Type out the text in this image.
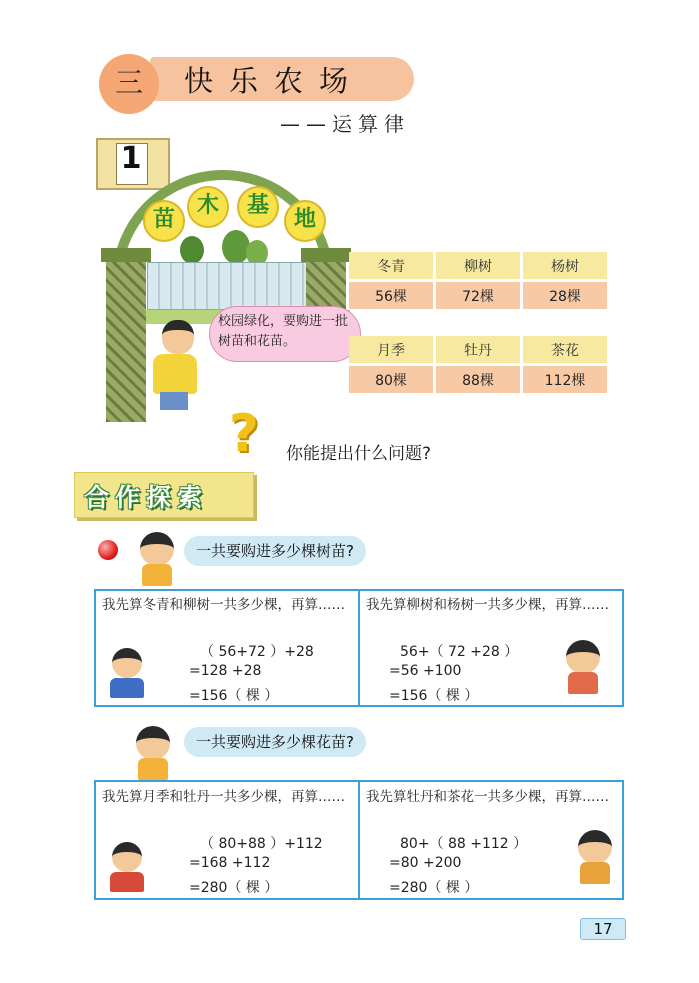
三	快乐农场
——运算律
1
苗
木	基
地
校园绿化，要购进一批树苗和花苗。
冬青	柳树	杨树

56棵	72棵	28棵
月季	牡丹	茶花

80棵	88棵	112棵
?	你能提出什么问题?
合作探索
一共要购进多少棵树苗?
我先算冬青和柳树一共多少棵，再算……
（ 56+72 ）+28
=128 +28
=156（ 棵 ）
我先算柳树和杨树一共多少棵，再算……
56+（ 72 +28 ）
=56 +100
=156（ 棵 ）
一共要购进多少棵花苗?
我先算月季和牡丹一共多少棵，再算……
（ 80+88 ）+112
=168 +112
=280（ 棵 ）
我先算牡丹和茶花一共多少棵，再算……
80+（ 88 +112 ）
=80 +200
=280（ 棵 ）
17
